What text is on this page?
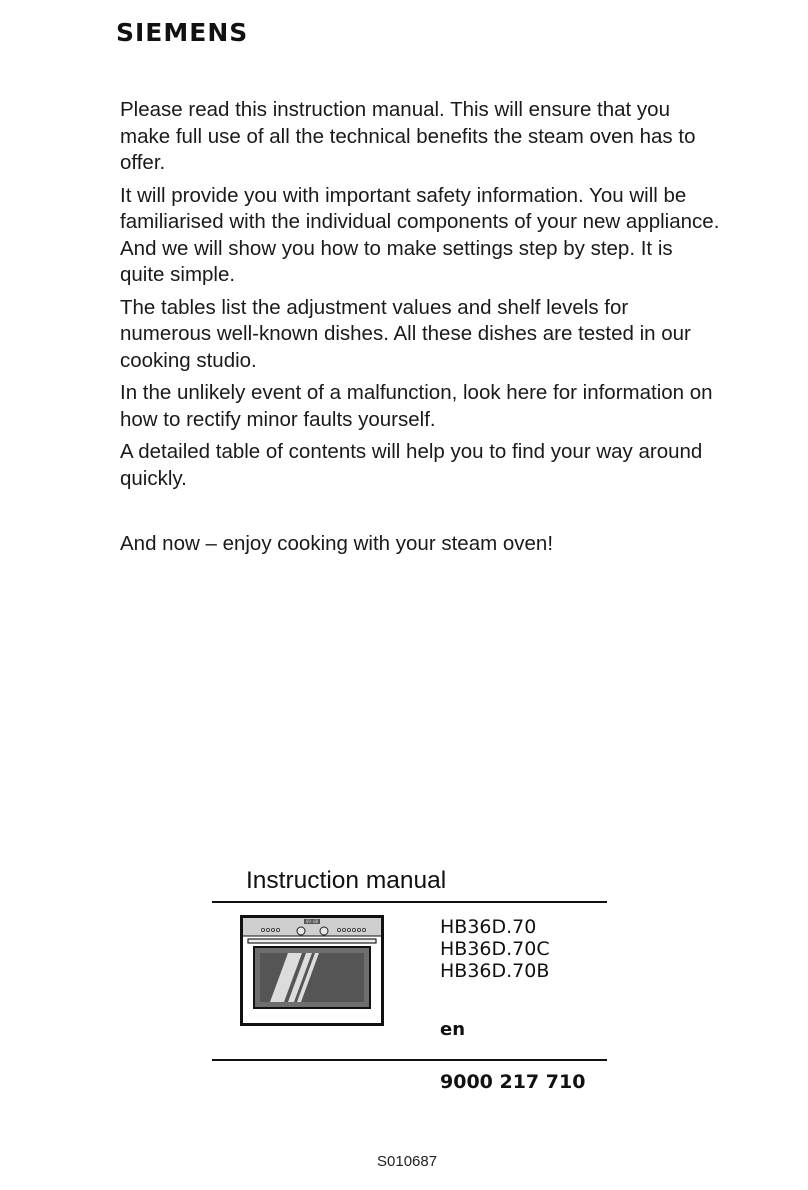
SIEMENS

Please read this instruction manual. This will ensure that you make full use of all the technical benefits the steam oven has to offer.

It will provide you with important safety information. You will be familiarised with the individual components of your new appliance. And we will show you how to make settings step by step. It is quite simple.

The tables list the adjustment values and shelf levels for numerous well-known dishes. All these dishes are tested in our cooking studio.

In the unlikely event of a malfunction, look here for information on how to rectify minor faults yourself.

A detailed table of contents will help you to find your way around quickly.

And now – enjoy cooking with your steam oven!

Instruction manual
09:08	HB36D.70
HB36D.70C
HB36D.70B
en
9000 217 710
S010687
